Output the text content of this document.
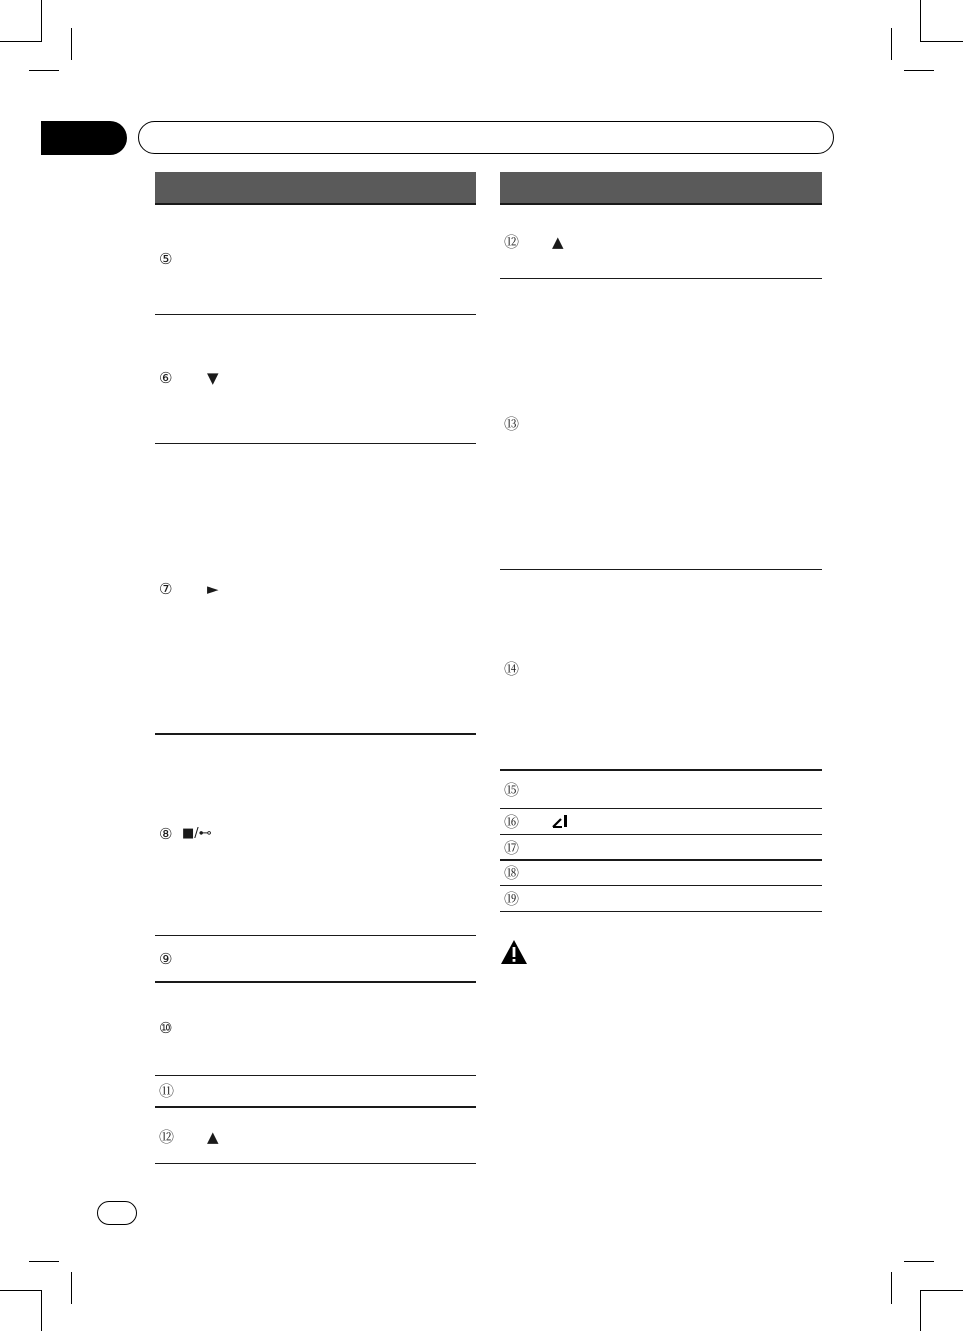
⑤
⑥ ▼
⑦ ►
⑧ ■/⊷
⑨
⑩
⑪
⑫ ▲
⑫ ▲
⑬
⑭
⑮
⑯
⑰
⑱
⑲
